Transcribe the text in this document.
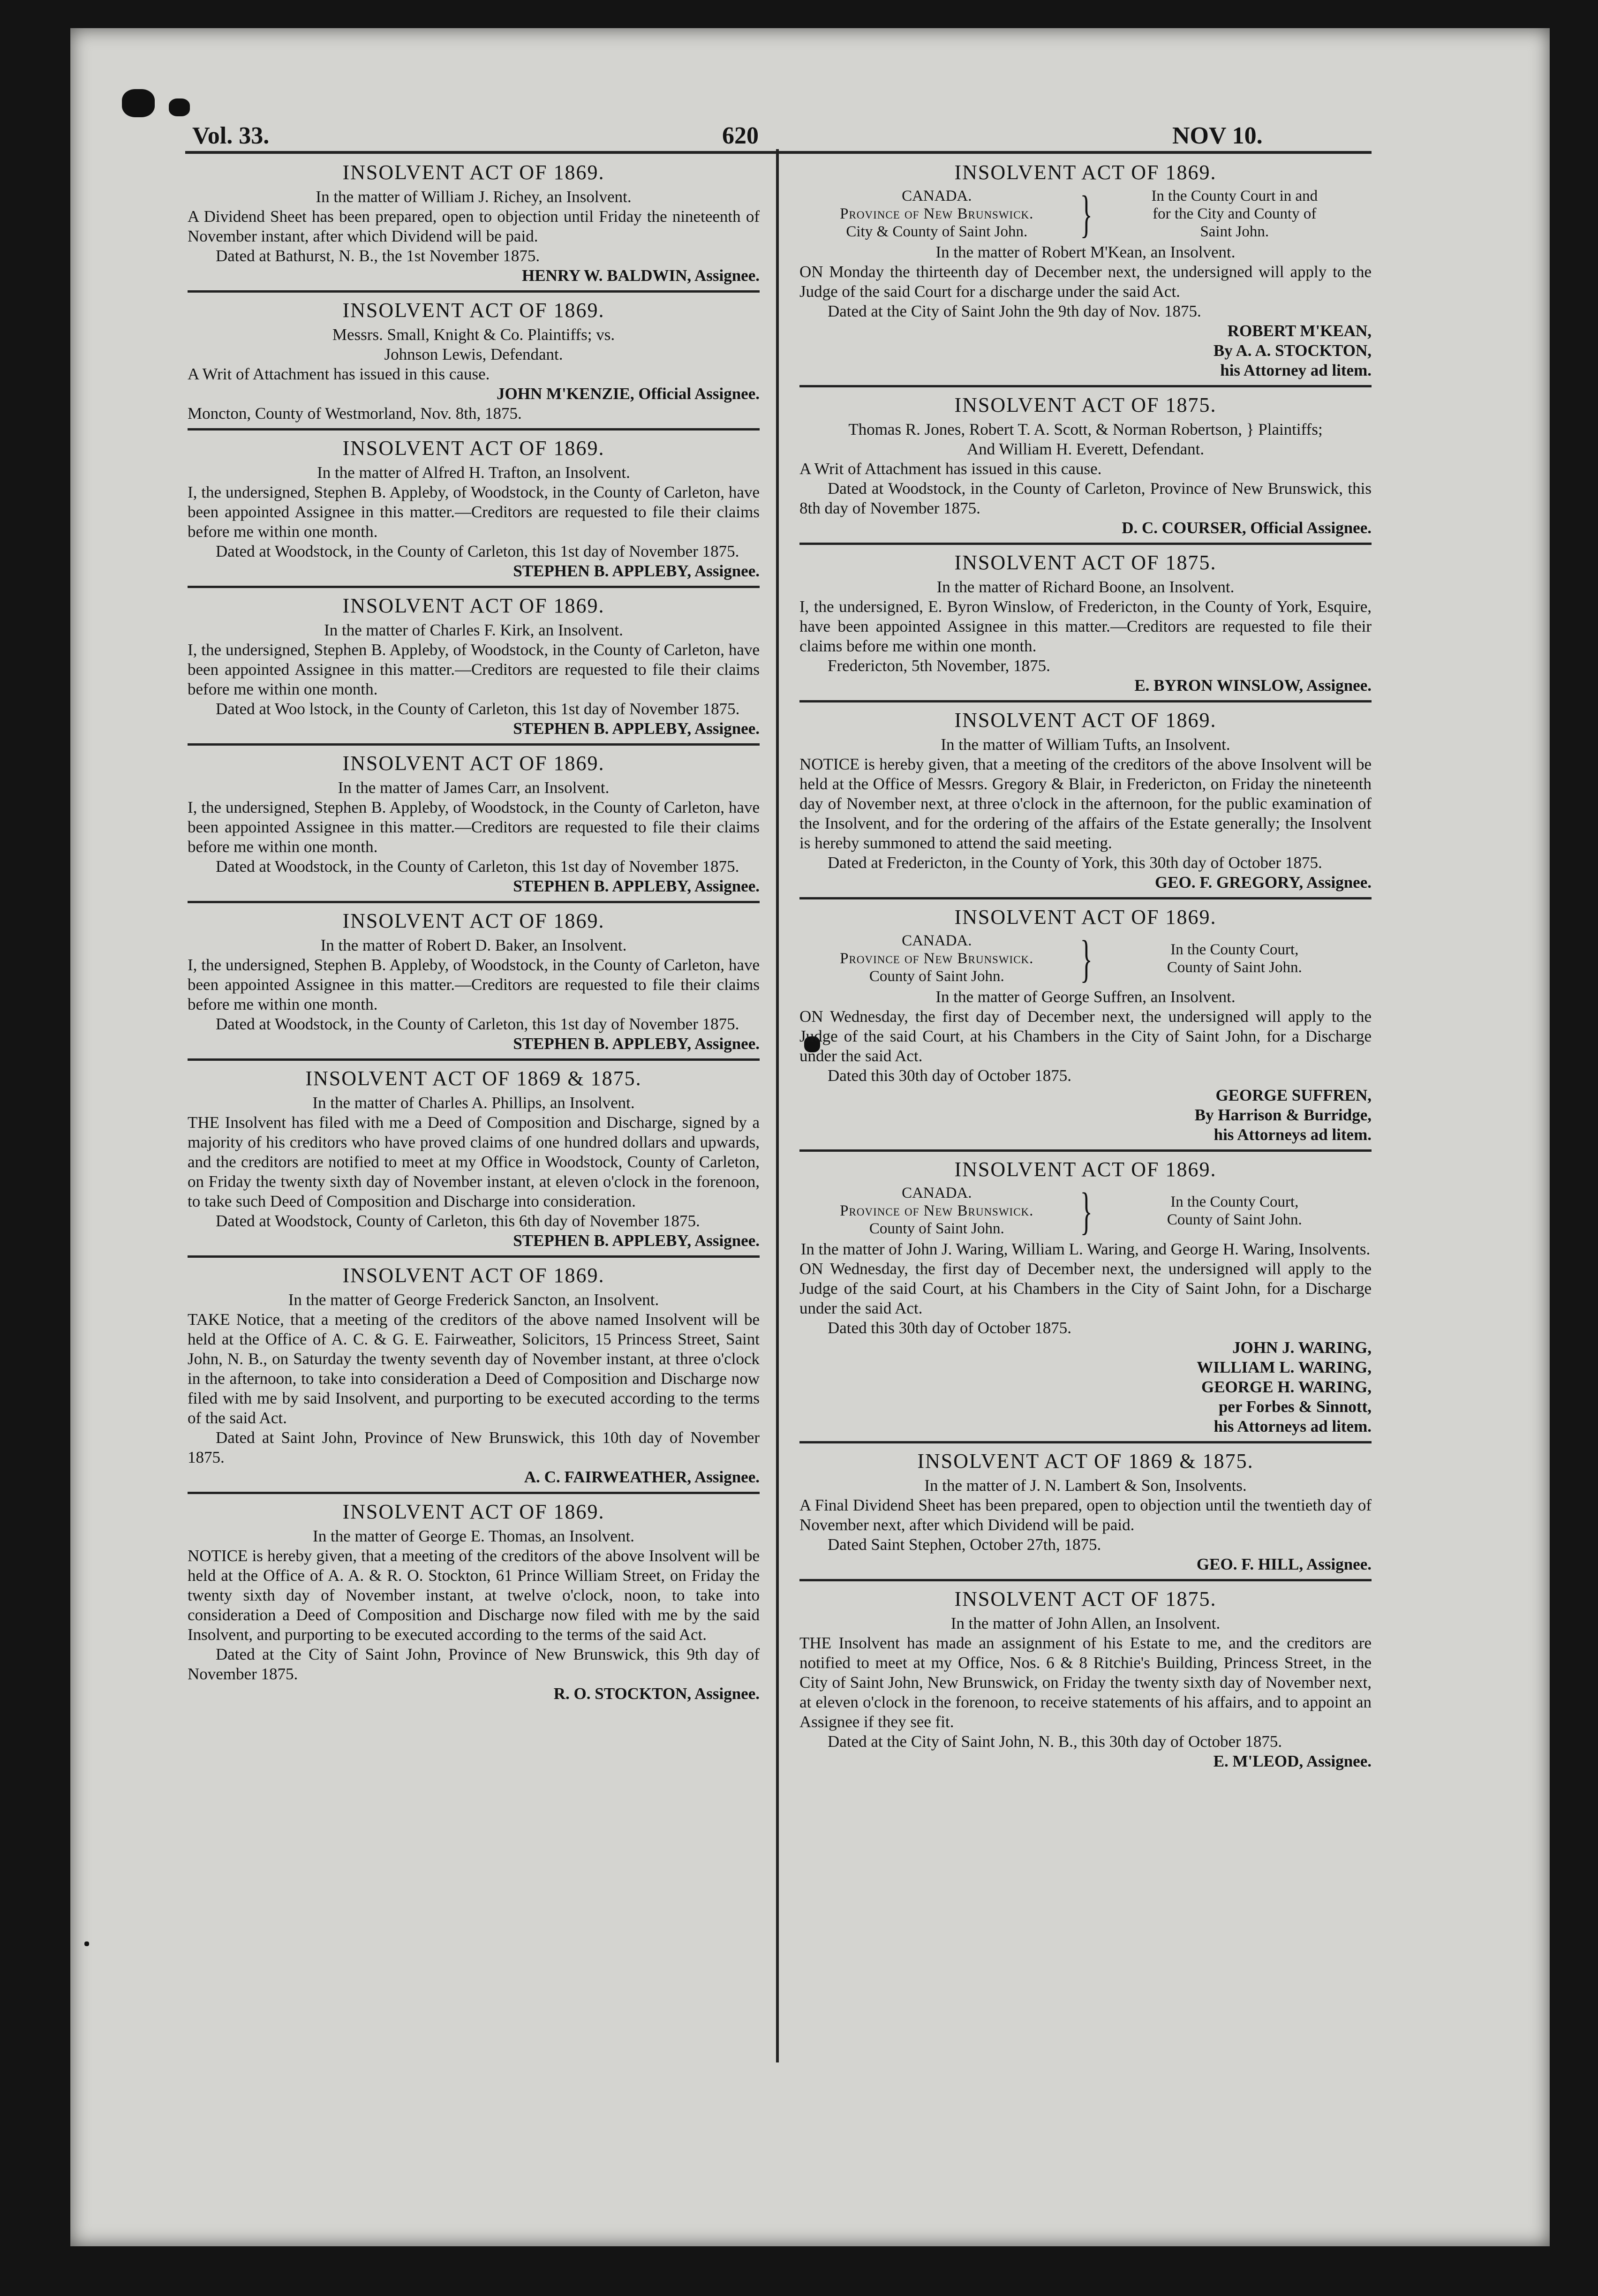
Vol. 33.	620	NOV 10.
INSOLVENT ACT OF 1869.

In the matter of William J. Richey, an Insolvent.

A Dividend Sheet has been prepared, open to objection until Friday the nineteenth of November instant, after which Dividend will be paid.

Dated at Bathurst, N. B., the 1st November 1875.

HENRY W. BALDWIN, Assignee.

INSOLVENT ACT OF 1869.

Messrs. Small, Knight & Co. Plaintiffs; vs.

Johnson Lewis, Defendant.

A Writ of Attachment has issued in this cause.

JOHN M'KENZIE, Official Assignee.

Moncton, County of Westmorland, Nov. 8th, 1875.

INSOLVENT ACT OF 1869.

In the matter of Alfred H. Trafton, an Insolvent.

I, the undersigned, Stephen B. Appleby, of Woodstock, in the County of Carleton, have been appointed Assignee in this matter.—Creditors are requested to file their claims before me within one month.

Dated at Woodstock, in the County of Carleton, this 1st day of November 1875.

STEPHEN B. APPLEBY, Assignee.

INSOLVENT ACT OF 1869.

In the matter of Charles F. Kirk, an Insolvent.

I, the undersigned, Stephen B. Appleby, of Woodstock, in the County of Carleton, have been appointed Assignee in this matter.—Creditors are requested to file their claims before me within one month.

Dated at Woo lstock, in the County of Carleton, this 1st day of November 1875.

STEPHEN B. APPLEBY, Assignee.

INSOLVENT ACT OF 1869.

In the matter of James Carr, an Insolvent.

I, the undersigned, Stephen B. Appleby, of Woodstock, in the County of Carleton, have been appointed Assignee in this matter.—Creditors are requested to file their claims before me within one month.

Dated at Woodstock, in the County of Carleton, this 1st day of November 1875.

STEPHEN B. APPLEBY, Assignee.

INSOLVENT ACT OF 1869.

In the matter of Robert D. Baker, an Insolvent.

I, the undersigned, Stephen B. Appleby, of Woodstock, in the County of Carleton, have been appointed Assignee in this matter.—Creditors are requested to file their claims before me within one month.

Dated at Woodstock, in the County of Carleton, this 1st day of November 1875.

STEPHEN B. APPLEBY, Assignee.

INSOLVENT ACT OF 1869 & 1875.

In the matter of Charles A. Phillips, an Insolvent.

THE Insolvent has filed with me a Deed of Composition and Discharge, signed by a majority of his creditors who have proved claims of one hundred dollars and upwards, and the creditors are notified to meet at my Office in Woodstock, County of Carleton, on Friday the twenty sixth day of November instant, at eleven o'clock in the forenoon, to take such Deed of Composition and Discharge into consideration.

Dated at Woodstock, County of Carleton, this 6th day of November 1875.

STEPHEN B. APPLEBY, Assignee.

INSOLVENT ACT OF 1869.

In the matter of George Frederick Sancton, an Insolvent.

TAKE Notice, that a meeting of the creditors of the above named Insolvent will be held at the Office of A. C. & G. E. Fairweather, Solicitors, 15 Princess Street, Saint John, N. B., on Saturday the twenty seventh day of November instant, at three o'clock in the afternoon, to take into consideration a Deed of Composition and Discharge now filed with me by said Insolvent, and purporting to be executed according to the terms of the said Act.

Dated at Saint John, Province of New Brunswick, this 10th day of November 1875.

A. C. FAIRWEATHER, Assignee.

INSOLVENT ACT OF 1869.

In the matter of George E. Thomas, an Insolvent.

NOTICE is hereby given, that a meeting of the creditors of the above Insolvent will be held at the Office of A. A. & R. O. Stockton, 61 Prince William Street, on Friday the twenty sixth day of November instant, at twelve o'clock, noon, to take into consideration a Deed of Composition and Discharge now filed with me by the said Insolvent, and purporting to be executed according to the terms of the said Act.

Dated at the City of Saint John, Province of New Brunswick, this 9th day of November 1875.

R. O. STOCKTON, Assignee.

INSOLVENT ACT OF 1869.
CANADA.
Province of New Brunswick.
City & County of Saint John.	}	In the County Court in and
for the City and County of
Saint John.

In the matter of Robert M'Kean, an Insolvent.

ON Monday the thirteenth day of December next, the undersigned will apply to the Judge of the said Court for a discharge under the said Act.

Dated at the City of Saint John the 9th day of Nov. 1875.

ROBERT M'KEAN,

By A. A. STOCKTON,

his Attorney ad litem.

INSOLVENT ACT OF 1875.

Thomas R. Jones, Robert T. A. Scott, & Norman Robertson, } Plaintiffs;

And William H. Everett, Defendant.

A Writ of Attachment has issued in this cause.

Dated at Woodstock, in the County of Carleton, Province of New Brunswick, this 8th day of November 1875.

D. C. COURSER, Official Assignee.

INSOLVENT ACT OF 1875.

In the matter of Richard Boone, an Insolvent.

I, the undersigned, E. Byron Winslow, of Fredericton, in the County of York, Esquire, have been appointed Assignee in this matter.—Creditors are requested to file their claims before me within one month.

Fredericton, 5th November, 1875.

E. BYRON WINSLOW, Assignee.

INSOLVENT ACT OF 1869.

In the matter of William Tufts, an Insolvent.

NOTICE is hereby given, that a meeting of the creditors of the above Insolvent will be held at the Office of Messrs. Gregory & Blair, in Fredericton, on Friday the nineteenth day of November next, at three o'clock in the afternoon, for the public examination of the Insolvent, and for the ordering of the affairs of the Estate generally; the Insolvent is hereby summoned to attend the said meeting.

Dated at Fredericton, in the County of York, this 30th day of October 1875.

GEO. F. GREGORY, Assignee.

INSOLVENT ACT OF 1869.
CANADA.
Province of New Brunswick.
County of Saint John.	}	In the County Court,
County of Saint John.

In the matter of George Suffren, an Insolvent.

ON Wednesday, the first day of December next, the undersigned will apply to the Judge of the said Court, at his Chambers in the City of Saint John, for a Discharge under the said Act.

Dated this 30th day of October 1875.

GEORGE SUFFREN,

By Harrison & Burridge,

his Attorneys ad litem.

INSOLVENT ACT OF 1869.
CANADA.
Province of New Brunswick.
County of Saint John.	}	In the County Court,
County of Saint John.

In the matter of John J. Waring, William L. Waring, and George H. Waring, Insolvents.

ON Wednesday, the first day of December next, the undersigned will apply to the Judge of the said Court, at his Chambers in the City of Saint John, for a Discharge under the said Act.

Dated this 30th day of October 1875.

JOHN J. WARING,

WILLIAM L. WARING,

GEORGE H. WARING,

per Forbes & Sinnott,

his Attorneys ad litem.

INSOLVENT ACT OF 1869 & 1875.

In the matter of J. N. Lambert & Son, Insolvents.

A Final Dividend Sheet has been prepared, open to objection until the twentieth day of November next, after which Dividend will be paid.

Dated Saint Stephen, October 27th, 1875.

GEO. F. HILL, Assignee.

INSOLVENT ACT OF 1875.

In the matter of John Allen, an Insolvent.

THE Insolvent has made an assignment of his Estate to me, and the creditors are notified to meet at my Office, Nos. 6 & 8 Ritchie's Building, Princess Street, in the City of Saint John, New Brunswick, on Friday the twenty sixth day of November next, at eleven o'clock in the forenoon, to receive statements of his affairs, and to appoint an Assignee if they see fit.

Dated at the City of Saint John, N. B., this 30th day of October 1875.

E. M'LEOD, Assignee.
